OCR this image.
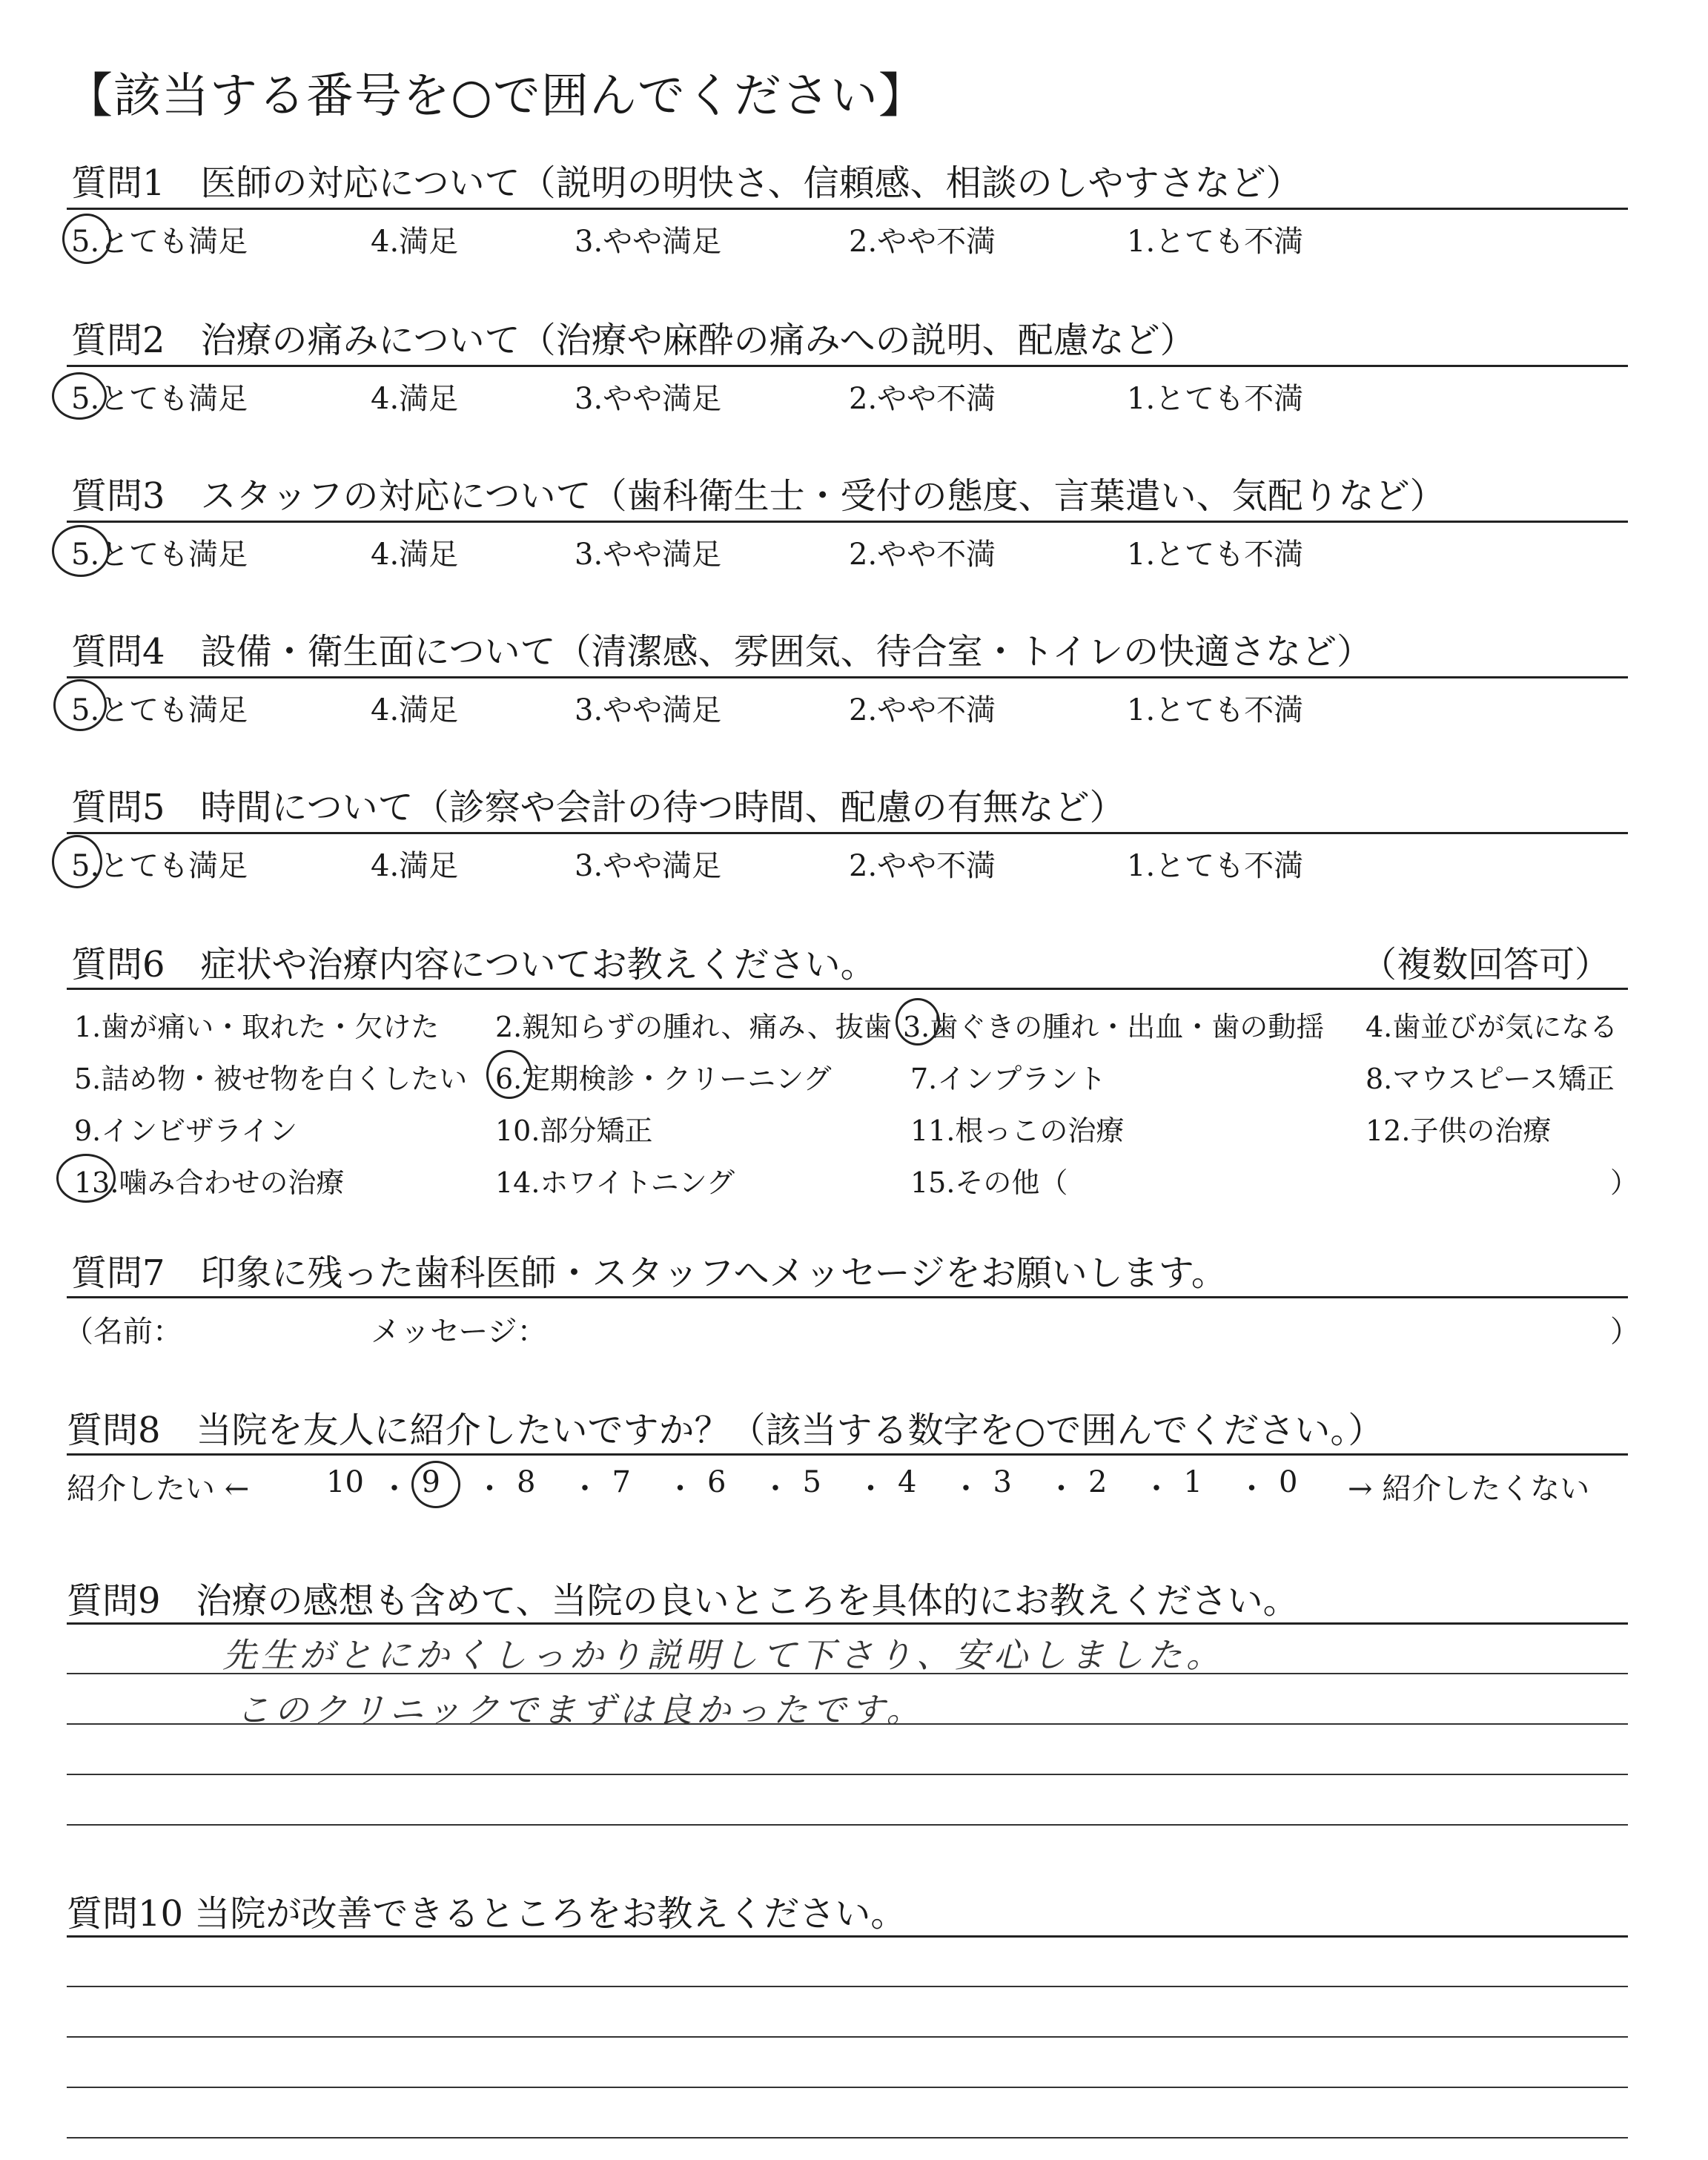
【該当する番号を○で囲んでください】
質問1　医師の対応について（説明の明快さ、信頼感、相談のしやすさなど）
5.とても満足	4.満足	3.やや満足	2.やや不満	1.とても不満
質問2　治療の痛みについて（治療や麻酔の痛みへの説明、配慮など）
5.とても満足	4.満足	3.やや満足	2.やや不満	1.とても不満
質問3　スタッフの対応について（歯科衛生士・受付の態度、言葉遣い、気配りなど）
5.とても満足	4.満足	3.やや満足	2.やや不満	1.とても不満
質問4　設備・衛生面について（清潔感、雰囲気、待合室・トイレの快適さなど）
5.とても満足	4.満足	3.やや満足	2.やや不満	1.とても不満
質問5　時間について（診察や会計の待つ時間、配慮の有無など）
5.とても満足	4.満足	3.やや満足	2.やや不満	1.とても不満
質問6　症状や治療内容についてお教えください。	（複数回答可）
1.歯が痛い・取れた・欠けた 2.親知らずの腫れ、痛み、抜歯 3.歯ぐきの腫れ・出血・歯の動揺 4.歯並びが気になる
5.詰め物・被せ物を白くしたい 6.定期検診・クリーニング	7.インプラント	8.マウスピース矯正
9.インビザライン	10.部分矯正	11.根っこの治療	12.子供の治療
13.噛み合わせの治療	14.ホワイトニング	15.その他（	）
質問7　印象に残った歯科医師・スタッフへメッセージをお願いします。
（名前：	メッセージ：	）
質問8　当院を友人に紹介したいですか？（該当する数字を○で囲んでください。）
紹介したい ←	10 ・ 9 ・ 8 ・ 7 ・ 6 ・ 5 ・ 4 ・ 3 ・ 2 ・ 1 ・ 0 → 紹介したくない
質問9　治療の感想も含めて、当院の良いところを具体的にお教えください。
先生がとにかくしっかり説明して下さり、安心しました。
このクリニックでまずは良かったです。
質問10 当院が改善できるところをお教えください。
